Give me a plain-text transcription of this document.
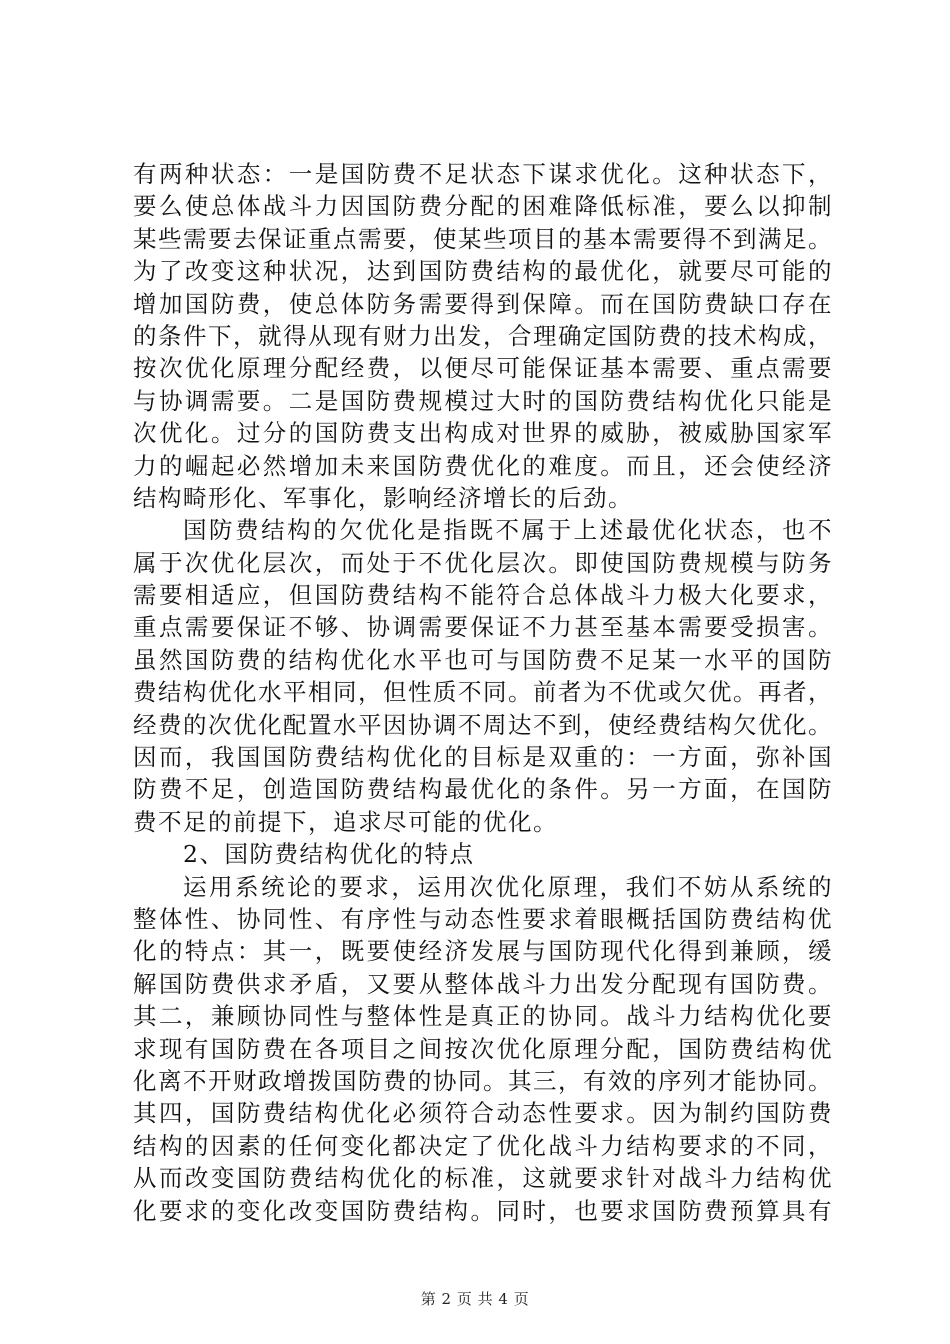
有两种状态：一是国防费不足状态下谋求优化。这种状态下，
要么使总体战斗力因国防费分配的困难降低标准，要么以抑制
某些需要去保证重点需要，使某些项目的基本需要得不到满足。
为了改变这种状况，达到国防费结构的最优化，就要尽可能的
增加国防费，使总体防务需要得到保障。而在国防费缺口存在
的条件下，就得从现有财力出发，合理确定国防费的技术构成，
按次优化原理分配经费，以便尽可能保证基本需要、重点需要
与协调需要。二是国防费规模过大时的国防费结构优化只能是
次优化。过分的国防费支出构成对世界的威胁，被威胁国家军
力的崛起必然增加未来国防费优化的难度。而且，还会使经济
结构畸形化、军事化，影响经济增长的后劲。
国防费结构的欠优化是指既不属于上述最优化状态，也不
属于次优化层次，而处于不优化层次。即使国防费规模与防务
需要相适应，但国防费结构不能符合总体战斗力极大化要求，
重点需要保证不够、协调需要保证不力甚至基本需要受损害。
虽然国防费的结构优化水平也可与国防费不足某一水平的国防
费结构优化水平相同，但性质不同。前者为不优或欠优。再者，
经费的次优化配置水平因协调不周达不到，使经费结构欠优化。
因而，我国国防费结构优化的目标是双重的：一方面，弥补国
防费不足，创造国防费结构最优化的条件。另一方面，在国防
费不足的前提下，追求尽可能的优化。
2、国防费结构优化的特点
运用系统论的要求，运用次优化原理，我们不妨从系统的
整体性、协同性、有序性与动态性要求着眼概括国防费结构优
化的特点：其一，既要使经济发展与国防现代化得到兼顾，缓
解国防费供求矛盾，又要从整体战斗力出发分配现有国防费。
其二，兼顾协同性与整体性是真正的协同。战斗力结构优化要
求现有国防费在各项目之间按次优化原理分配，国防费结构优
化离不开财政增拨国防费的协同。其三，有效的序列才能协同。
其四，国防费结构优化必须符合动态性要求。因为制约国防费
结构的因素的任何变化都决定了优化战斗力结构要求的不同，
从而改变国防费结构优化的标准，这就要求针对战斗力结构优
化要求的变化改变国防费结构。同时，也要求国防费预算具有
第 2 页 共 4 页
